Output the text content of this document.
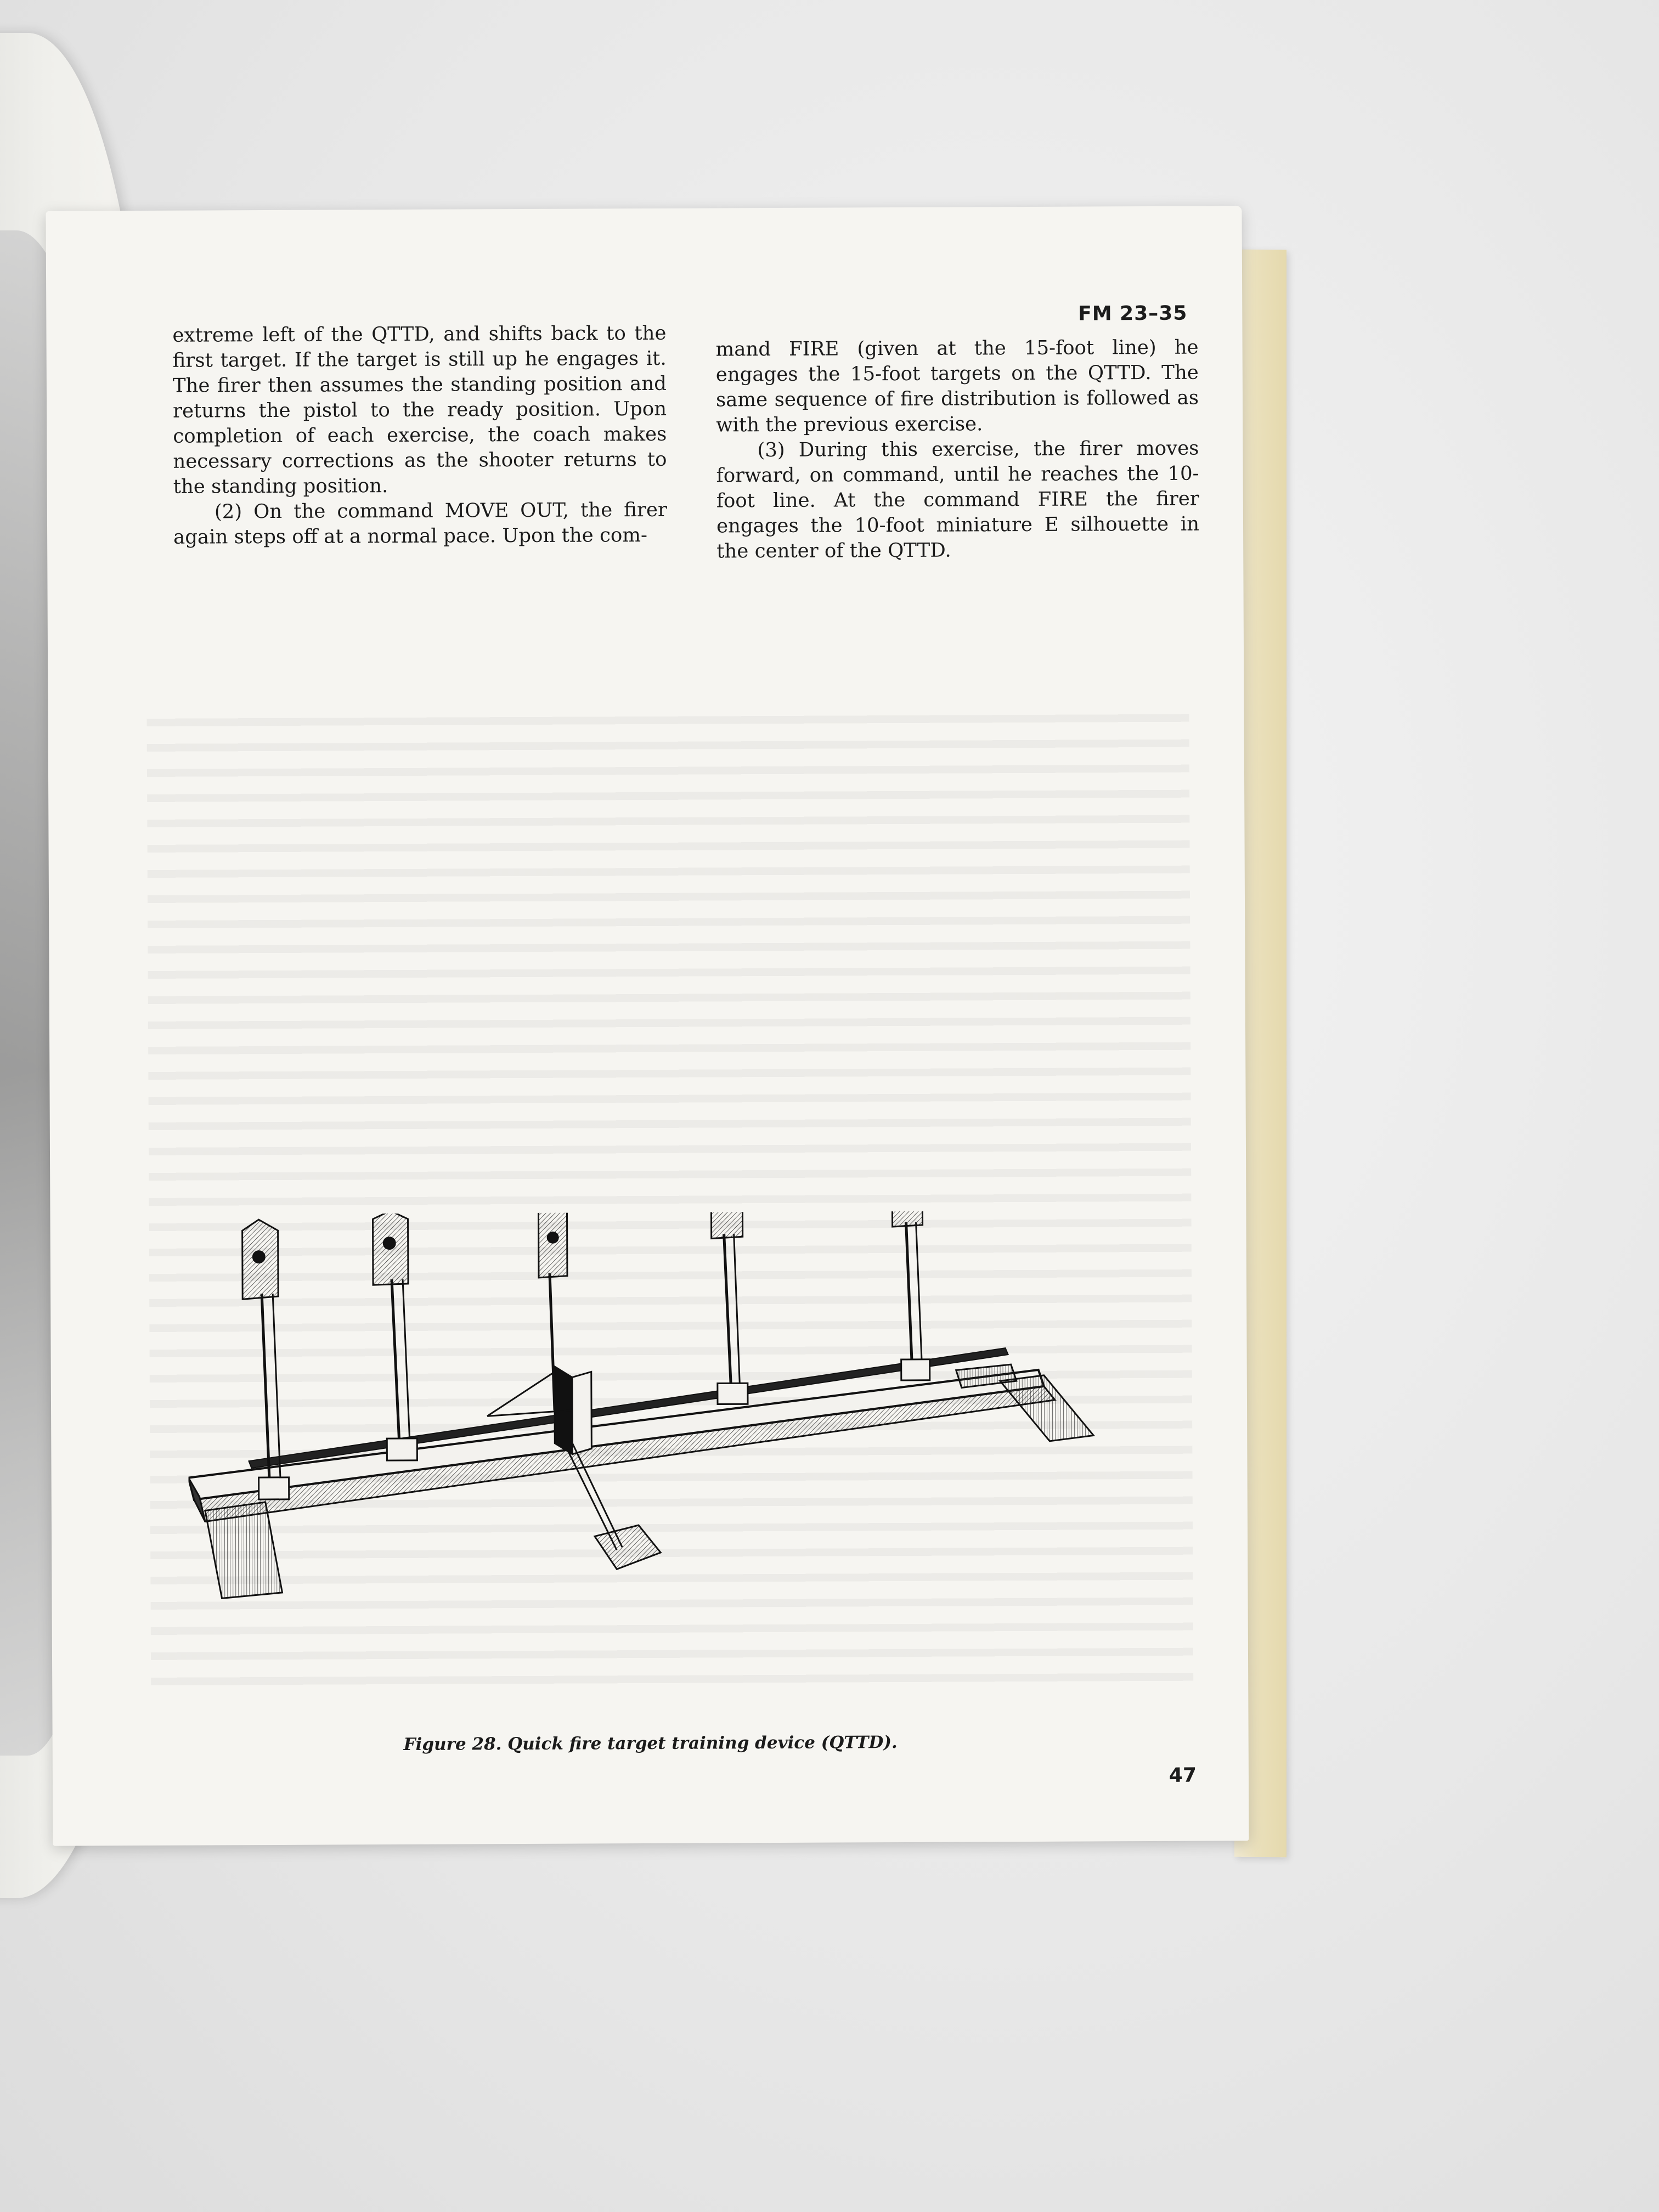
FM 23–35

extreme left of the QTTD, and shifts back to the first target. If the target is still up he engages it. The firer then assumes the standing position and returns the pistol to the ready position. Upon completion of each exercise, the coach makes necessary corrections as the shooter returns to the standing position.

(2) On the command MOVE OUT, the firer again steps off at a normal pace. Upon the com-

mand FIRE (given at the 15-foot line) he engages the 15-foot targets on the QTTD. The same sequence of fire distribution is followed as with the previous exercise.

(3) During this exercise, the firer moves forward, on command, until he reaches the 10-foot line. At the command FIRE the firer engages the 10-foot miniature E silhouette in the center of the QTTD.

Figure 28. Quick fire target training device (QTTD).
47
